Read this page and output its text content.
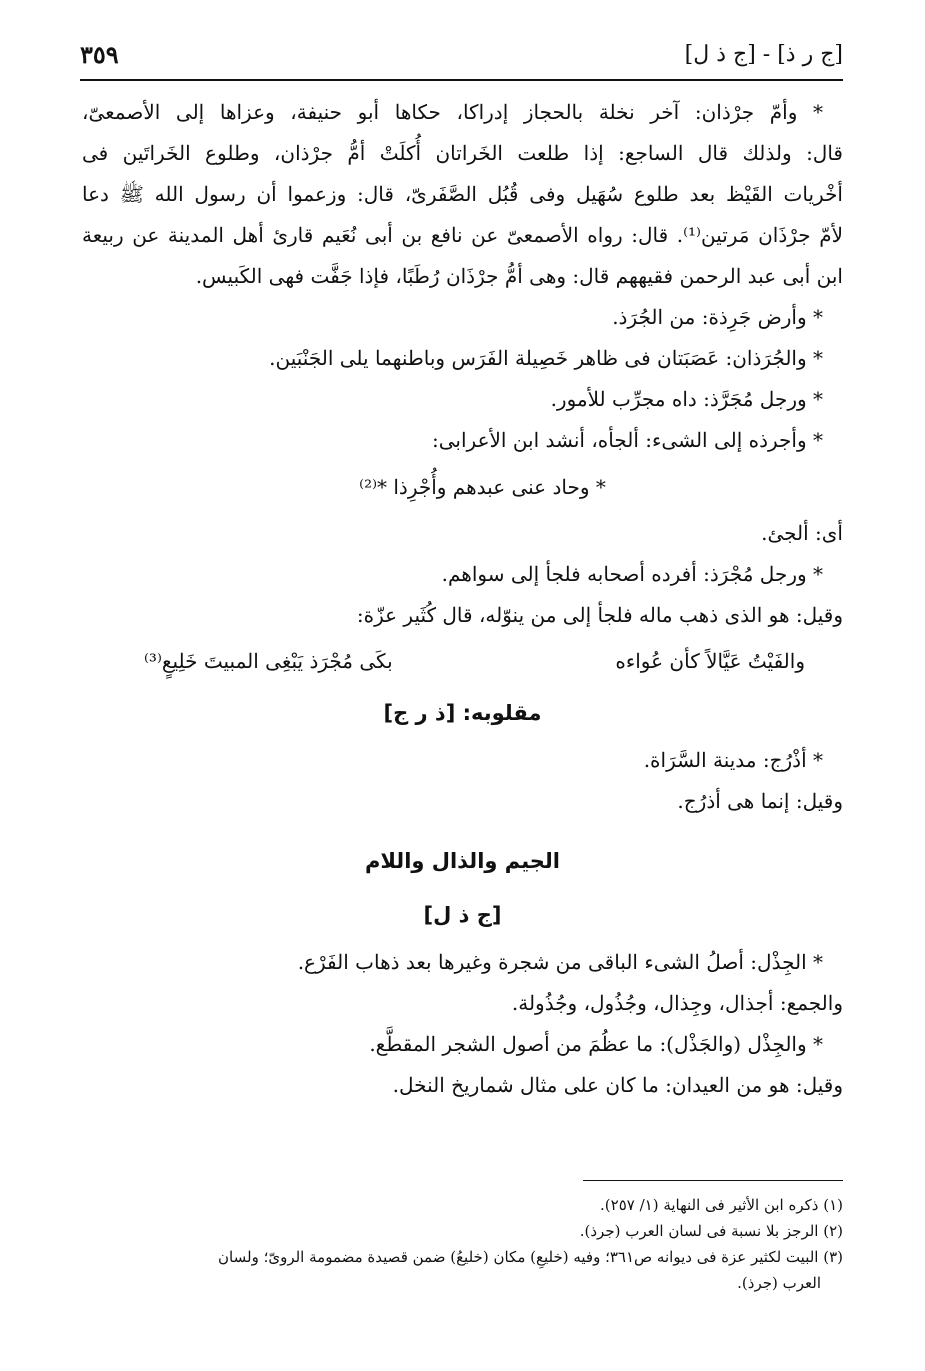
[ج ر ذ] - [ج ذ ل]
٣٥٩
* وأمّ جرْذان: آخر نخلة بالحجاز إدراكا، حكاها أبو حنيفة، وعزاها إلى الأصمعىّ،
قال: ولذلك قال الساجع: إذا طلعت الخَراتان أُكلَتْ أمُّ جرْذان، وطلوع الخَراتَين فى
أخْريات القَيْظ بعد طلوع سُهَيل وفى قُبُل الصَّفَرىّ، قال: وزعموا أن رسول الله ﷺ دعا
لأمّ جرْذَان مَرتين⁽¹⁾. قال: رواه الأصمعىّ عن نافع بن أبى نُعَيم قارئ أهل المدينة عن ربيعة
ابن أبى عبد الرحمن فقيههم قال: وهى أمُّ جرْذَان رُطَبًا، فإذا جَفَّت فهى الكَبيس.
* وأرض جَرِذة: من الجُرَذ.
* والجُرَذان: عَصَبَتان فى ظاهر خَصِيلة الفَرَس وباطنهما يلى الجَنْبَين.
* ورجل مُجَرَّذ: داه مجرِّب للأمور.
* وأجرذه إلى الشىء: ألجأه، أنشد ابن الأعرابى:
* وحاد عنى عبدهم وأُجْرِذا *⁽²⁾
أى: ألجئ.
* ورجل مُجْرَذ: أفرده أصحابه فلجأ إلى سواهم.
وقيل: هو الذى ذهب ماله فلجأ إلى من ينوّله، قال كُثَير عزّة:
والفَيْتُ عَيَّالاً كأن عُواءه
بكَى مُجْرَذ يَبْغِى المبيتَ خَلِيعٍ⁽³⁾
مقلوبه: [ذ ر ج]
* أذْرُج: مدينة السَّرَاة.
وقيل: إنما هى أذرُج.
الجيم والذال واللام
[ج ذ ل]
* الجِذْل: أصلُ الشىء الباقى من شجرة وغيرها بعد ذهاب الفَرْع.
والجمع: أجذال، وجِذال، وجُذُول، وجُذُولة.
* والجِذْل (والجَذْل): ما عظُمَ من أصول الشجر المقطَّع.
وقيل: هو من العيدان: ما كان على مثال شماريخ النخل.
(١) ذكره ابن الأثير فى النهاية (١/ ٢٥٧).
(٢) الرجز بلا نسبة فى لسان العرب (جرذ).
(٣) البيت لكثير عزة فى ديوانه ص٣٦١؛ وفيه (خليعِ) مكان (خليعُ) ضمن قصيدة مضمومة الروىّ؛ ولسان
العرب (جرذ).
